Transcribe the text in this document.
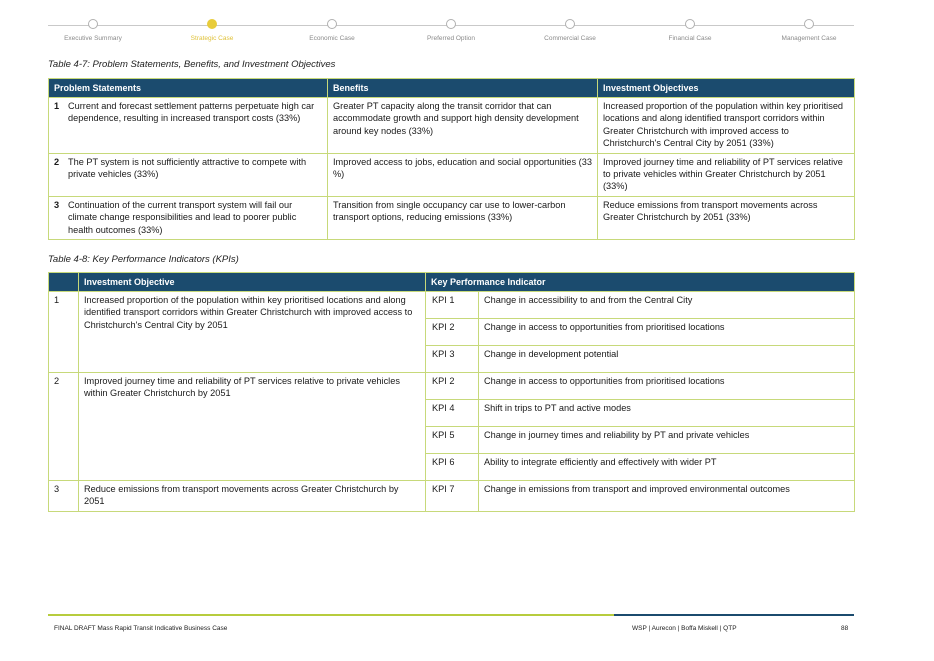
Executive Summary	Strategic Case	Economic Case	Preferred Option	Commercial Case	Financial Case	Management Case
Table 4-7: Problem Statements, Benefits, and Investment Objectives
Problem Statements	Benefits	Investment Objectives

1 Current and forecast settlement patterns perpetuate high car dependence, resulting in increased transport costs (33%)	Greater PT capacity along the transit corridor that can accommodate growth and support high density development around key nodes (33%)	Increased proportion of the population within key prioritised locations and along identified transport corridors within Greater Christchurch with improved access to Christchurch's Central City by 2051 (33%)

2 The PT system is not sufficiently attractive to compete with private vehicles (33%)	Improved access to jobs, education and social opportunities (33 %)	Improved journey time and reliability of PT services relative to private vehicles within Greater Christchurch by 2051 (33%)

3 Continuation of the current transport system will fail our climate change responsibilities and lead to poorer public health outcomes (33%)	Transition from single occupancy car use to lower-carbon transport options, reducing emissions (33%)	Reduce emissions from transport movements across Greater Christchurch by 2051 (33%)
Table 4-8: Key Performance Indicators (KPIs)
	Investment Objective	Key Performance Indicator	
1	Increased proportion of the population within key prioritised locations and along identified transport corridors within Greater Christchurch with improved access to Christchurch's Central City by 2051	KPI 1	Change in accessibility to and from the Central City
		KPI 2	Change in access to opportunities from prioritised locations
		KPI 3	Change in development potential
2	Improved journey time and reliability of PT services relative to private vehicles within Greater Christchurch by 2051	KPI 2	Change in access to opportunities from prioritised locations
		KPI 4	Shift in trips to PT and active modes
		KPI 5	Change in journey times and reliability by PT and private vehicles
		KPI 6	Ability to integrate efficiently and effectively with wider PT
3	Reduce emissions from transport movements across Greater Christchurch by 2051	KPI 7	Change in emissions from transport and improved environmental outcomes
FINAL DRAFT Mass Rapid Transit Indicative Business Case	WSP | Aurecon | Boffa Miskell | QTP	88
